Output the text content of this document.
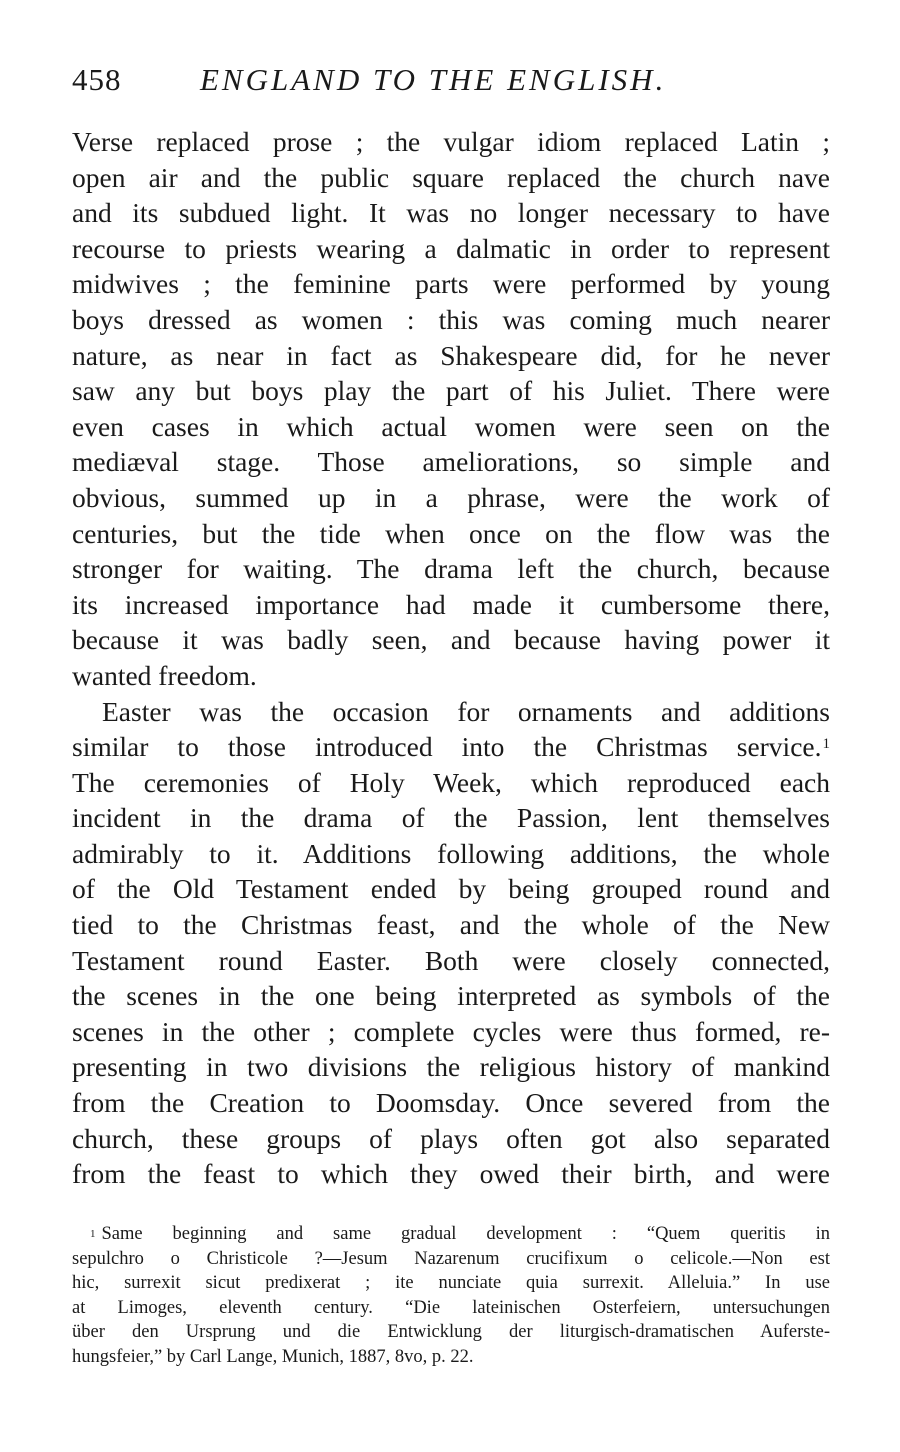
458	ENGLAND TO THE ENGLISH.
Verse replaced prose ; the vulgar idiom replaced Latin ;
open air and the public square replaced the church nave
and its subdued light. It was no longer necessary to have
recourse to priests wearing a dalmatic in order to represent
midwives ; the feminine parts were performed by young
boys dressed as women : this was coming much nearer
nature, as near in fact as Shakespeare did, for he never
saw any but boys play the part of his Juliet. There were
even cases in which actual women were seen on the
mediæval stage. Those ameliorations, so simple and
obvious, summed up in a phrase, were the work of
centuries, but the tide when once on the flow was the
stronger for waiting. The drama left the church, because
its increased importance had made it cumbersome there,
because it was badly seen, and because having power it
wanted freedom.
Easter was the occasion for ornaments and additions
similar to those introduced into the Christmas service.$^1$
The ceremonies of Holy Week, which reproduced each
incident in the drama of the Passion, lent themselves
admirably to it. Additions following additions, the whole
of the Old Testament ended by being grouped round and
tied to the Christmas feast, and the whole of the New
Testament round Easter. Both were closely connected,
the scenes in the one being interpreted as symbols of the
scenes in the other ; complete cycles were thus formed, re-
presenting in two divisions the religious history of mankind
from the Creation to Doomsday. Once severed from the
church, these groups of plays often got also separated
from the feast to which they owed their birth, and were
$^1$ Same beginning and same gradual development : “Quem queritis in
sepulchro o Christicole ?—Jesum Nazarenum crucifixum o celicole.—Non est
hic, surrexit sicut predixerat ; ite nunciate quia surrexit. Alleluia.” In use
at Limoges, eleventh century. “Die lateinischen Osterfeiern, untersuchungen
über den Ursprung und die Entwicklung der liturgisch-dramatischen Auferste-
hungsfeier,” by Carl Lange, Munich, 1887, 8vo, p. 22.
